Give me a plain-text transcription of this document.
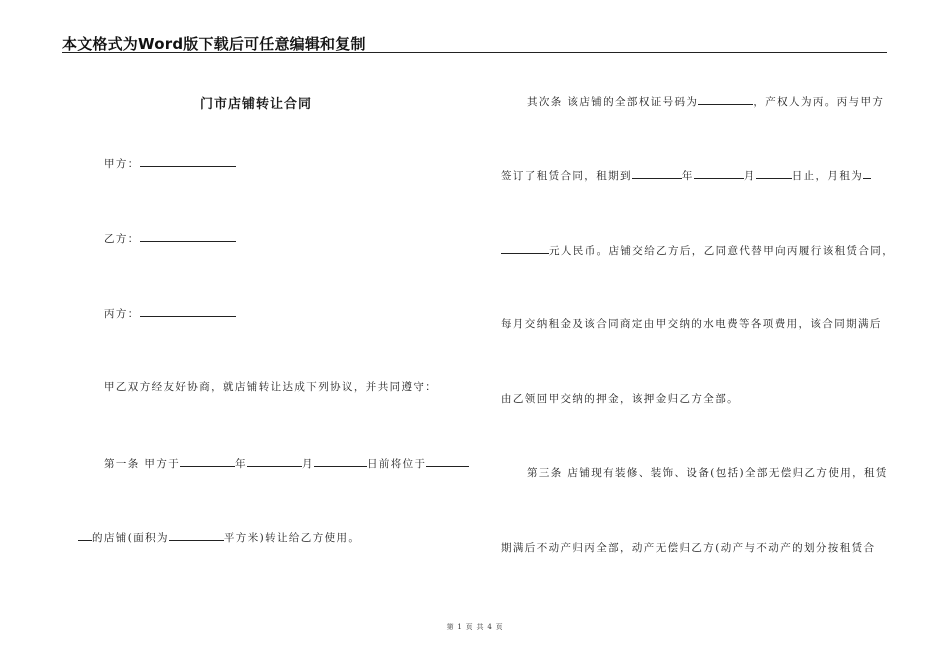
本文格式为Word版下载后可任意编辑和复制
门市店铺转让合同
甲方：
乙方：
丙方：
甲乙双方经友好协商，就店铺转让达成下列协议，并共同遵守：
第一条 甲方于	年	月	日前将位于
的店铺(面积为	平方米)转让给乙方使用。
其次条 该店铺的全部权证号码为	，产权人为丙。丙与甲方
签订了租赁合同，租期到	年	月	日止，月租为
元人民币。店铺交给乙方后，乙同意代替甲向丙履行该租赁合同，
每月交纳租金及该合同商定由甲交纳的水电费等各项费用，该合同期满后
由乙领回甲交纳的押金，该押金归乙方全部。
第三条 店铺现有装修、装饰、设备(包括)全部无偿归乙方使用，租赁
期满后不动产归丙全部，动产无偿归乙方(动产与不动产的划分按租赁合
第 1 页 共 4 页
